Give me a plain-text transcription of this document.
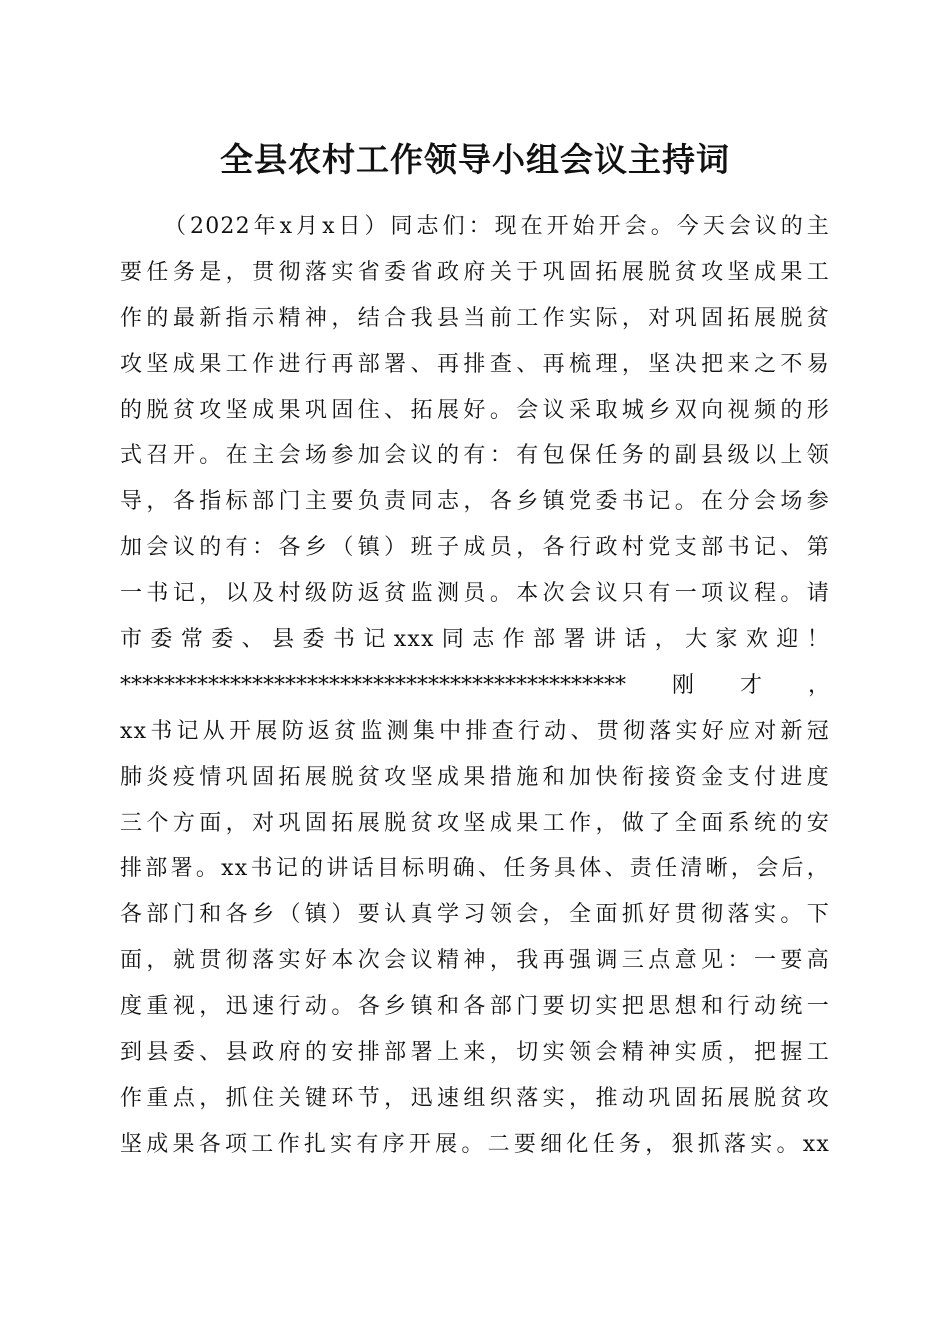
全县农村工作领导小组会议主持词
（2022年x月x日）同志们：现在开始开会。今天会议的主
要任务是，贯彻落实省委省政府关于巩固拓展脱贫攻坚成果工
作的最新指示精神，结合我县当前工作实际，对巩固拓展脱贫
攻坚成果工作进行再部署、再排查、再梳理，坚决把来之不易
的脱贫攻坚成果巩固住、拓展好。会议采取城乡双向视频的形
式召开。在主会场参加会议的有：有包保任务的副县级以上领
导，各指标部门主要负责同志，各乡镇党委书记。在分会场参
加会议的有：各乡（镇）班子成员，各行政村党支部书记、第
一书记，以及村级防返贫监测员。本次会议只有一项议程。请
市委常委、县委书记xxx同志作部署讲话，大家欢迎！
**********************************************刚才，
xx书记从开展防返贫监测集中排查行动、贯彻落实好应对新冠
肺炎疫情巩固拓展脱贫攻坚成果措施和加快衔接资金支付进度
三个方面，对巩固拓展脱贫攻坚成果工作，做了全面系统的安
排部署。xx书记的讲话目标明确、任务具体、责任清晰，会后，
各部门和各乡（镇）要认真学习领会，全面抓好贯彻落实。下
面，就贯彻落实好本次会议精神，我再强调三点意见：一要高
度重视，迅速行动。各乡镇和各部门要切实把思想和行动统一
到县委、县政府的安排部署上来，切实领会精神实质，把握工
作重点，抓住关键环节，迅速组织落实，推动巩固拓展脱贫攻
坚成果各项工作扎实有序开展。二要细化任务，狠抓落实。xx
